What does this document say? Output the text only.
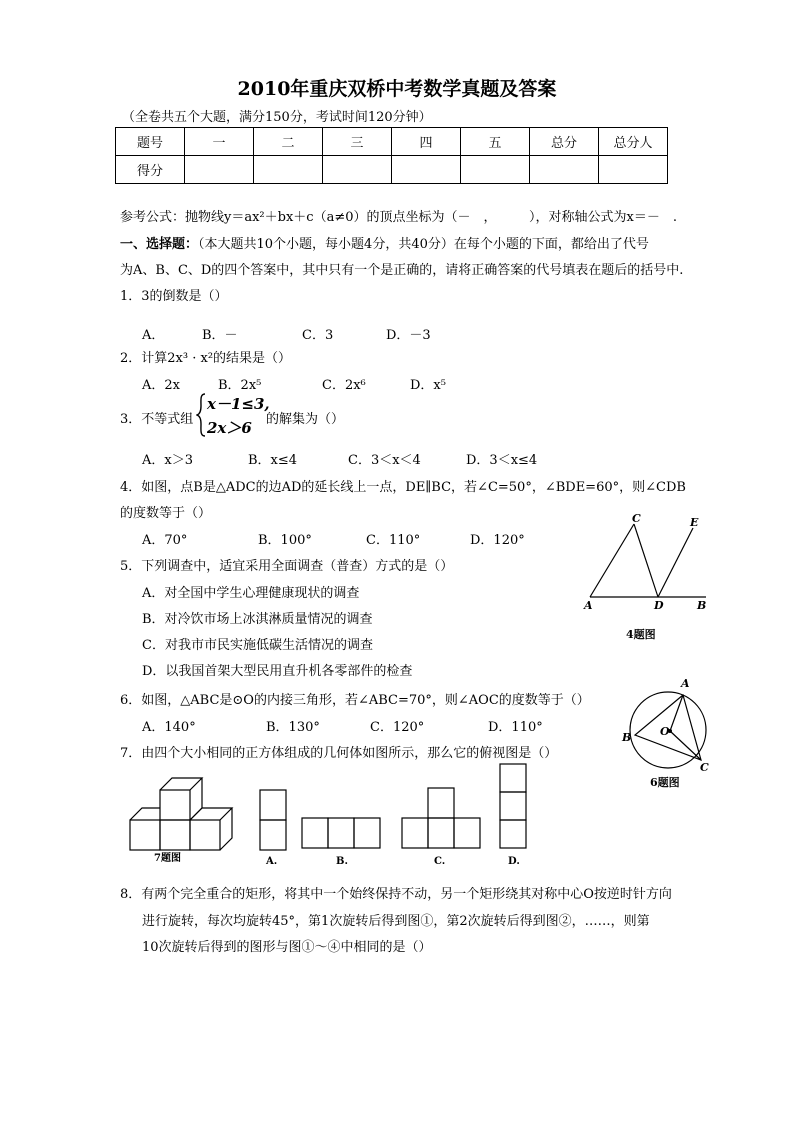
2010年重庆双桥中考数学真题及答案
（全卷共五个大题，满分150分，考试时间120分钟）
题号	一	二	三	四	五	总分	总分人
得分							
参考公式：抛物线y＝ax²＋bx＋c（a≠0）的顶点坐标为（－　，　　　），对称轴公式为x＝－　.
一、选择题：（本大题共10个小题，每小题4分，共40分）在每个小题的下面，都给出了代号
为A、B、C、D的四个答案中，其中只有一个是正确的，请将正确答案的代号填表在题后的括号中.
1．3的倒数是（）
A．	B．－	C．3	D．－3
2．计算2x³ · x²的结果是（）
A．2x	B．2x⁵	C．2x⁶	D．x⁵
3．不等式组
x－1≤3,
2x＞6 的解集为（）
A．x＞3	B．x≤4	C．3＜x＜4	D．3＜x≤4
4．如图，点B是△ADC的边AD的延长线上一点，DE∥BC，若∠C=50°，∠BDE=60°，则∠CDB
的度数等于（）
A．70°	B．100°	C．110°	D．120°
C	E
A	D	B
4题图
5．下列调查中，适宜采用全面调查（普查）方式的是（）
A．对全国中学生心理健康现状的调查
B．对冷饮市场上冰淇淋质量情况的调查
C．对我市市民实施低碳生活情况的调查
D．以我国首架大型民用直升机各零部件的检查
6．如图，△ABC是⊙O的内接三角形，若∠ABC=70°，则∠AOC的度数等于（）
A．140°	B．130°	C．120°	D．110°
A
B	O
C
6题图
7．由四个大小相同的正方体组成的几何体如图所示，那么它的俯视图是（）
7题图	A.	B.	C.	D.
8．有两个完全重合的矩形，将其中一个始终保持不动，另一个矩形绕其对称中心O按逆时针方向
进行旋转，每次均旋转45°，第1次旋转后得到图①，第2次旋转后得到图②，……，则第
10次旋转后得到的图形与图①～④中相同的是（）
